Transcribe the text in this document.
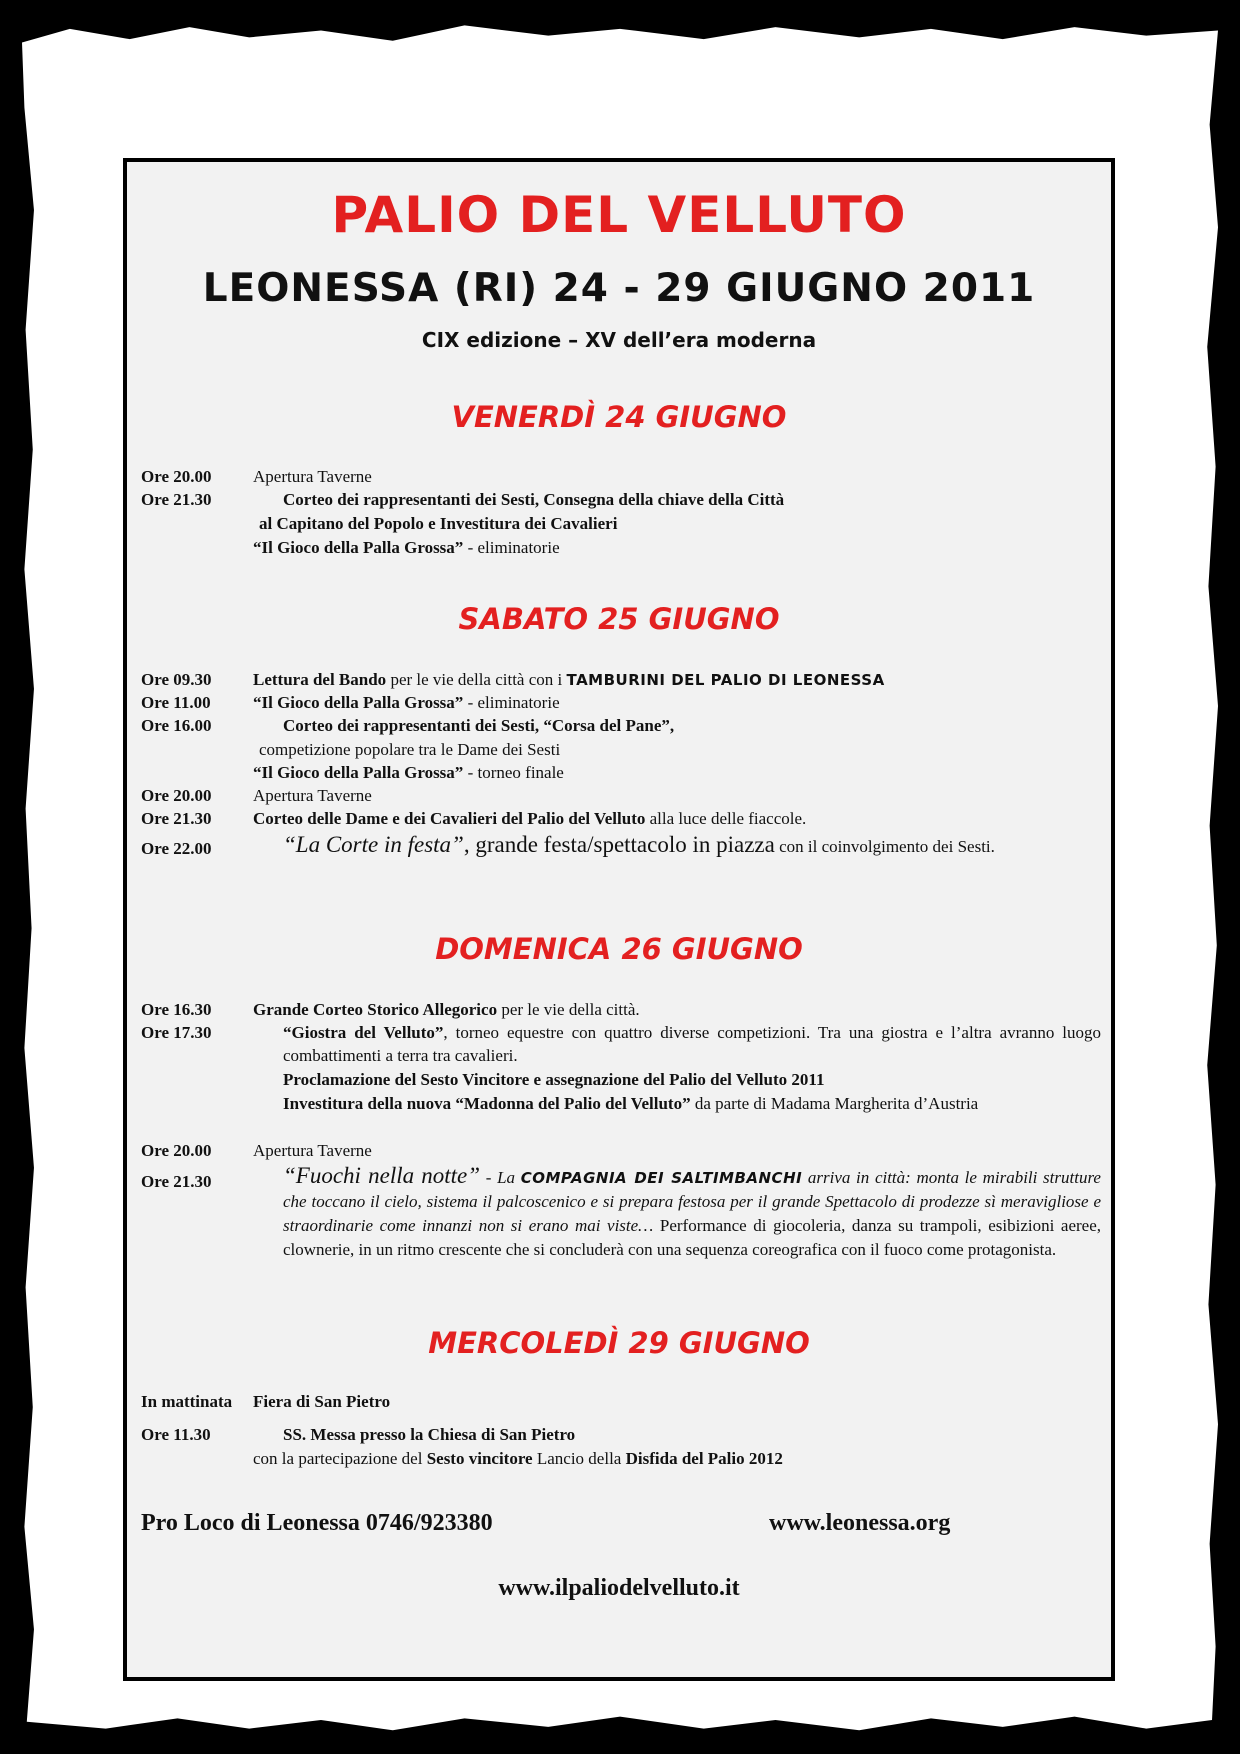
PALIO DEL VELLUTO
LEONESSA (RI) 24 - 29 GIUGNO 2011
CIX edizione – XV dell’era moderna
VENERDÌ 24 GIUGNO
Ore 20.00	Apertura Taverne
Ore 21.30	Corteo dei rappresentanti dei Sesti, Consegna della chiave della Città
al Capitano del Popolo e Investitura dei Cavalieri
“Il Gioco della Palla Grossa” - eliminatorie
SABATO 25 GIUGNO
Ore 09.30	Lettura del Bando per le vie della città con i TAMBURINI DEL PALIO DI LEONESSA
Ore 11.00	“Il Gioco della Palla Grossa” - eliminatorie
Ore 16.00	Corteo dei rappresentanti dei Sesti, “Corsa del Pane”,
competizione popolare tra le Dame dei Sesti
“Il Gioco della Palla Grossa” - torneo finale
Ore 20.00	Apertura Taverne
Ore 21.30	Corteo delle Dame e dei Cavalieri del Palio del Velluto alla luce delle fiaccole.
Ore 22.00	“La Corte in festa”, grande festa/spettacolo in piazza con il coinvolgimento dei Sesti.
DOMENICA 26 GIUGNO
Ore 16.30	Grande Corteo Storico Allegorico per le vie della città.
Ore 17.30	“Giostra del Velluto”, torneo equestre con quattro diverse competizioni. Tra una giostra e l’altra avranno luogo combattimenti a terra tra cavalieri.
Proclamazione del Sesto Vincitore e assegnazione del Palio del Velluto 2011
Investitura della nuova “Madonna del Palio del Velluto” da parte di Madama Margherita d’Austria
Ore 20.00	Apertura Taverne
Ore 21.30	“Fuochi nella notte” - La COMPAGNIA DEI SALTIMBANCHI arriva in città: monta le mirabili strutture che toccano il cielo, sistema il palcoscenico e si prepara festosa per il grande Spettacolo di prodezze sì meravigliose e straordinarie come innanzi non si erano mai viste… Performance di giocoleria, danza su trampoli, esibizioni aeree, clownerie, in un ritmo crescente che si concluderà con una sequenza coreografica con il fuoco come protagonista.
MERCOLEDÌ 29 GIUGNO
In mattinata	Fiera di San Pietro
Ore 11.30	SS. Messa presso la Chiesa di San Pietro
con la partecipazione del Sesto vincitore Lancio della Disfida del Palio 2012
Pro Loco di Leonessa 0746/923380	www.leonessa.org
www.ilpaliodelvelluto.it
